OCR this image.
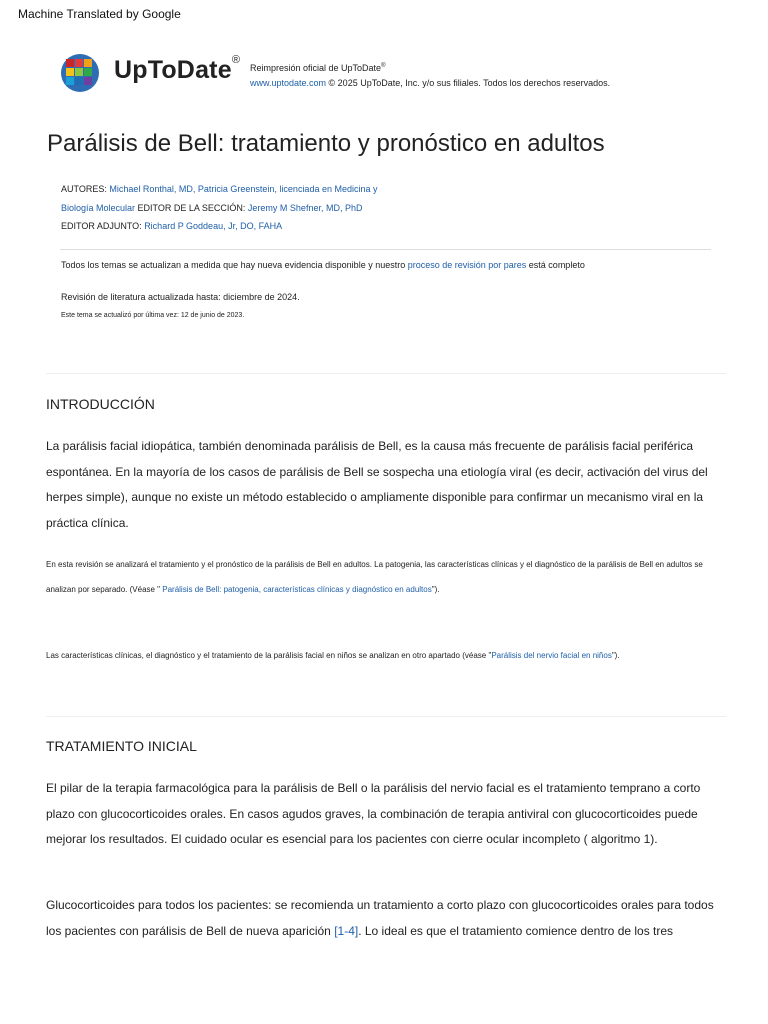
Machine Translated by Google
UpToDate®
Reimpresión oficial de UpToDate®
www.uptodate.com © 2025 UpToDate, Inc. y/o sus filiales. Todos los derechos reservados.
Parálisis de Bell: tratamiento y pronóstico en adultos
AUTORES: Michael Ronthal, MD, Patricia Greenstein, licenciada en Medicina y Biología Molecular EDITOR DE LA SECCIÓN: Jeremy M Shefner, MD, PhD EDITOR ADJUNTO: Richard P Goddeau, Jr, DO, FAHA
Todos los temas se actualizan a medida que hay nueva evidencia disponible y nuestro proceso de revisión por pares está completo
Revisión de literatura actualizada hasta: diciembre de 2024.
Este tema se actualizó por última vez: 12 de junio de 2023.
INTRODUCCIÓN
La parálisis facial idiopática, también denominada parálisis de Bell, es la causa más frecuente de parálisis facial periférica espontánea. En la mayoría de los casos de parálisis de Bell se sospecha una etiología viral (es decir, activación del virus del herpes simple), aunque no existe un método establecido o ampliamente disponible para confirmar un mecanismo viral en la práctica clínica.
En esta revisión se analizará el tratamiento y el pronóstico de la parálisis de Bell en adultos. La patogenia, las características clínicas y el diagnóstico de la parálisis de Bell en adultos se analizan por separado. (Véase " Parálisis de Bell: patogenia, características clínicas y diagnóstico en adultos").
Las características clínicas, el diagnóstico y el tratamiento de la parálisis facial en niños se analizan en otro apartado (véase "Parálisis del nervio facial en niños").
TRATAMIENTO INICIAL
El pilar de la terapia farmacológica para la parálisis de Bell o la parálisis del nervio facial es el tratamiento temprano a corto plazo con glucocorticoides orales. En casos agudos graves, la combinación de terapia antiviral con glucocorticoides puede mejorar los resultados. El cuidado ocular es esencial para los pacientes con cierre ocular incompleto ( algoritmo 1).
Glucocorticoides para todos los pacientes: se recomienda un tratamiento a corto plazo con glucocorticoides orales para todos los pacientes con parálisis de Bell de nueva aparición [1-4]. Lo ideal es que el tratamiento comience dentro de los tres
